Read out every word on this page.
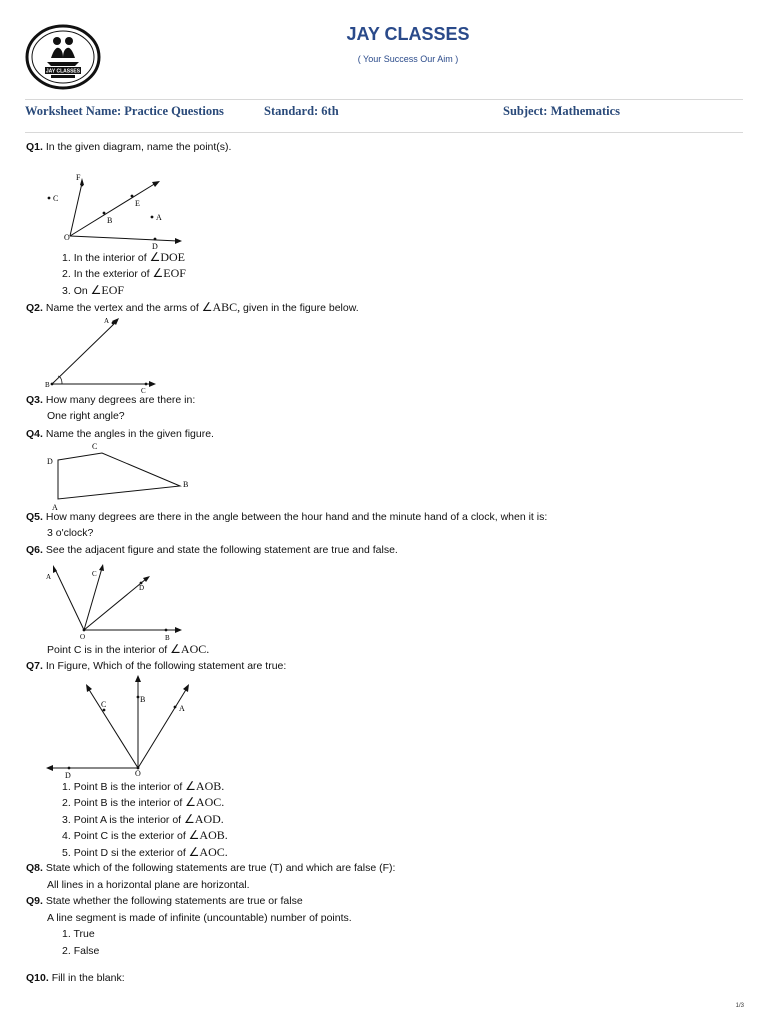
JAY CLASSES
JAY CLASSES
( Your Success Our Aim )
Worksheet Name: Practice Questions	Standard: 6th	Subject: Mathematics
Q1. In the given diagram, name the point(s).
F
C
E
A
B
O
D
1. In the interior of ∠DOE
2. In the exterior of ∠EOF
3. On ∠EOF
Q2. Name the vertex and the arms of ∠ABC, given in the figure below.
A
B
C
Q3. How many degrees are there in:
One right angle?
Q4. Name the angles in the given figure.
C
D
B
A
Q5. How many degrees are there in the angle between the hour hand and the minute hand of a clock, when it is:
3 o'clock?
Q6. See the adjacent figure and state the following statement are true and false.
A	C
D
O	B
Point C is in the interior of ∠AOC.
Q7. In Figure, Which of the following statement are true:
B
C	A
D	O
1. Point B is the interior of ∠AOB.
2. Point B is the interior of ∠AOC.
3. Point A is the interior of ∠AOD.
4. Point C is the exterior of ∠AOB.
5. Point D si the exterior of ∠AOC.
Q8. State which of the following statements are true (T) and which are false (F):
All lines in a horizontal plane are horizontal.
Q9. State whether the following statements are true or false
A line segment is made of infinite (uncountable) number of points.
1. True
2. False
Q10. Fill in the blank:
1/3
